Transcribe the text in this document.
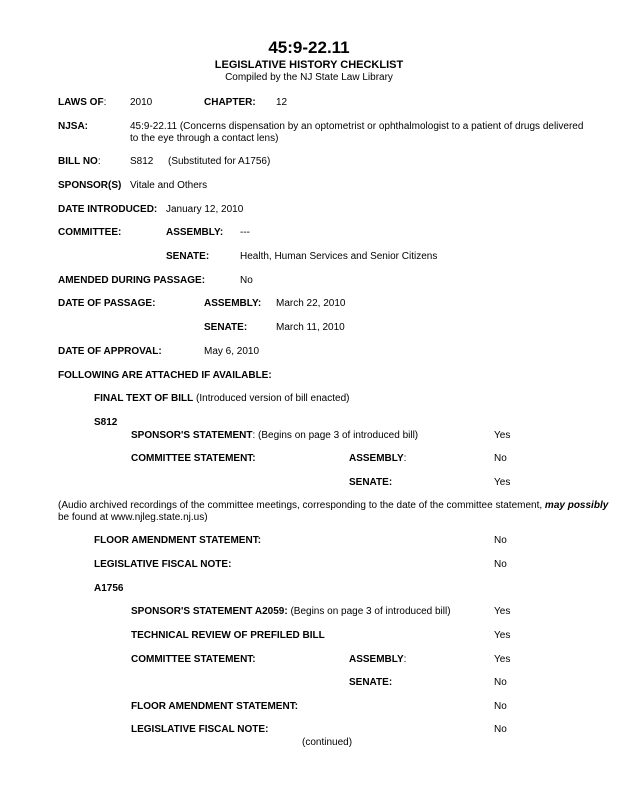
45:9-22.11
LEGISLATIVE HISTORY CHECKLIST
Compiled by the NJ State Law Library
LAWS OF: 2010	CHAPTER: 12
NJSA:	45:9-22.11 (Concerns dispensation by an optometrist or ophthalmologist to a patient of drugs delivered to the eye through a contact lens)
BILL NO:	S812 (Substituted for A1756)
SPONSOR(S) Vitale and Others
DATE INTRODUCED: January 12, 2010
COMMITTEE:	ASSEMBLY: ---
SENATE:	Health, Human Services and Senior Citizens
AMENDED DURING PASSAGE:	No
DATE OF PASSAGE:	ASSEMBLY: March 22, 2010
SENATE:	March 11, 2010
DATE OF APPROVAL:	May 6, 2010
FOLLOWING ARE ATTACHED IF AVAILABLE:
FINAL TEXT OF BILL (Introduced version of bill enacted)
S812
SPONSOR'S STATEMENT: (Begins on page 3 of introduced bill)	Yes
COMMITTEE STATEMENT:	ASSEMBLY:	No
SENATE:	Yes
(Audio archived recordings of the committee meetings, corresponding to the date of the committee statement, may possibly
be found at www.njleg.state.nj.us)
FLOOR AMENDMENT STATEMENT:	No
LEGISLATIVE FISCAL NOTE:	No
A1756
SPONSOR'S STATEMENT A2059: (Begins on page 3 of introduced bill)	Yes
TECHNICAL REVIEW OF PREFILED BILL	Yes
COMMITTEE STATEMENT:	ASSEMBLY:	Yes
SENATE:	No
FLOOR AMENDMENT STATEMENT:	No
LEGISLATIVE FISCAL NOTE:	No
(continued)
